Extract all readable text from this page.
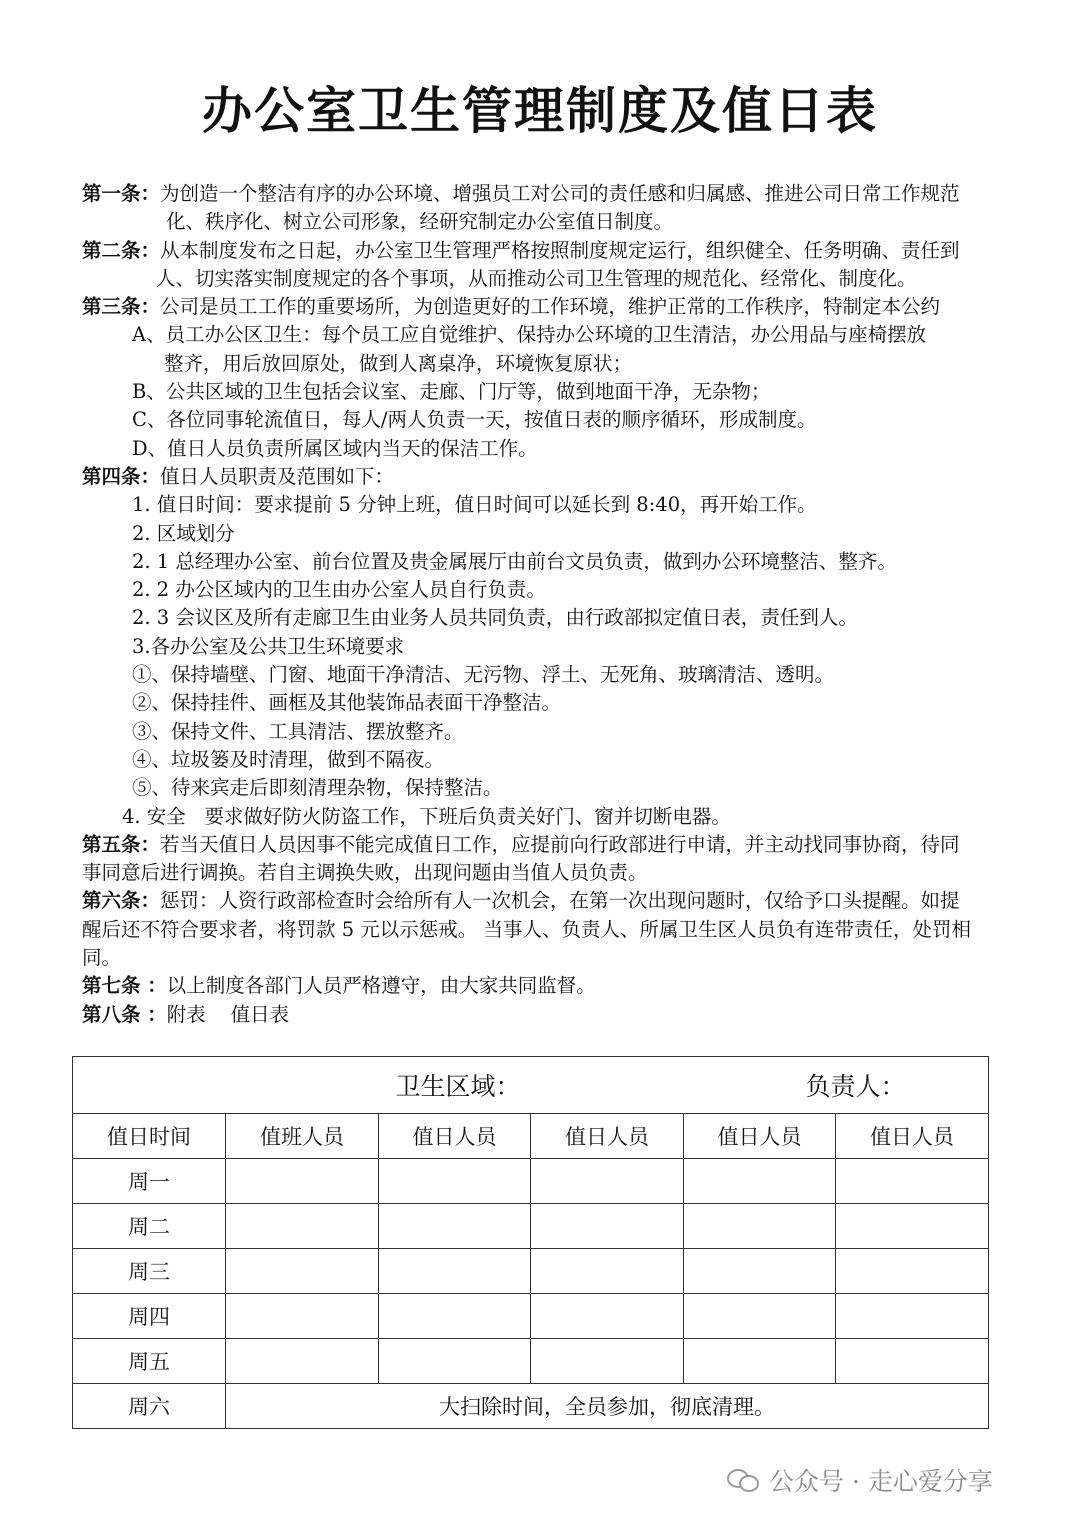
办公室卫生管理制度及值日表
第一条：为创造一个整洁有序的办公环境、增强员工对公司的责任感和归属感、推进公司日常工作规范
化、秩序化、树立公司形象，经研究制定办公室值日制度。
第二条：从本制度发布之日起，办公室卫生管理严格按照制度规定运行，组织健全、任务明确、责任到
人、切实落实制度规定的各个事项，从而推动公司卫生管理的规范化、经常化、制度化。
第三条：公司是员工工作的重要场所，为创造更好的工作环境，维护正常的工作秩序，特制定本公约
A、员工办公区卫生：每个员工应自觉维护、保持办公环境的卫生清洁，办公用品与座椅摆放
整齐，用后放回原处，做到人离桌净，环境恢复原状；
B、公共区域的卫生包括会议室、走廊、门厅等，做到地面干净，无杂物；
C、各位同事轮流值日，每人/两人负责一天，按值日表的顺序循环，形成制度。
D、值日人员负责所属区域内当天的保洁工作。
第四条：值日人员职责及范围如下：
1. 值日时间：要求提前 5 分钟上班，值日时间可以延长到 8:40，再开始工作。
2. 区域划分
2. 1 总经理办公室、前台位置及贵金属展厅由前台文员负责，做到办公环境整洁、整齐。
2. 2 办公区域内的卫生由办公室人员自行负责。
2. 3 会议区及所有走廊卫生由业务人员共同负责，由行政部拟定值日表，责任到人。
3.各办公室及公共卫生环境要求
①、保持墙壁、门窗、地面干净清洁、无污物、浮土、无死角、玻璃清洁、透明。
②、保持挂件、画框及其他装饰品表面干净整洁。
③、保持文件、工具清洁、摆放整齐。
④、垃圾篓及时清理，做到不隔夜。
⑤、待来宾走后即刻清理杂物，保持整洁。
4. 安全   要求做好防火防盗工作，下班后负责关好门、窗并切断电器。
第五条：若当天值日人员因事不能完成值日工作，应提前向行政部进行申请，并主动找同事协商，待同
事同意后进行调换。若自主调换失败，出现问题由当值人员负责。
第六条：惩罚：人资行政部检查时会给所有人一次机会，在第一次出现问题时，仅给予口头提醒。如提
醒后还不符合要求者，将罚款 5 元以示惩戒。 当事人、负责人、所属卫生区人员负有连带责任，处罚相
同。
第七条 ：以上制度各部门人员严格遵守，由大家共同监督。
第八条 ：附表    值日表
卫生区域： 负责人：					
值日时间	值班人员	值日人员	值日人员	值日人员	值日人员
周一					
周二					
周三					
周四					
周五					
周六	大扫除时间，全员参加，彻底清理。				
公众号 · 走心爱分享
